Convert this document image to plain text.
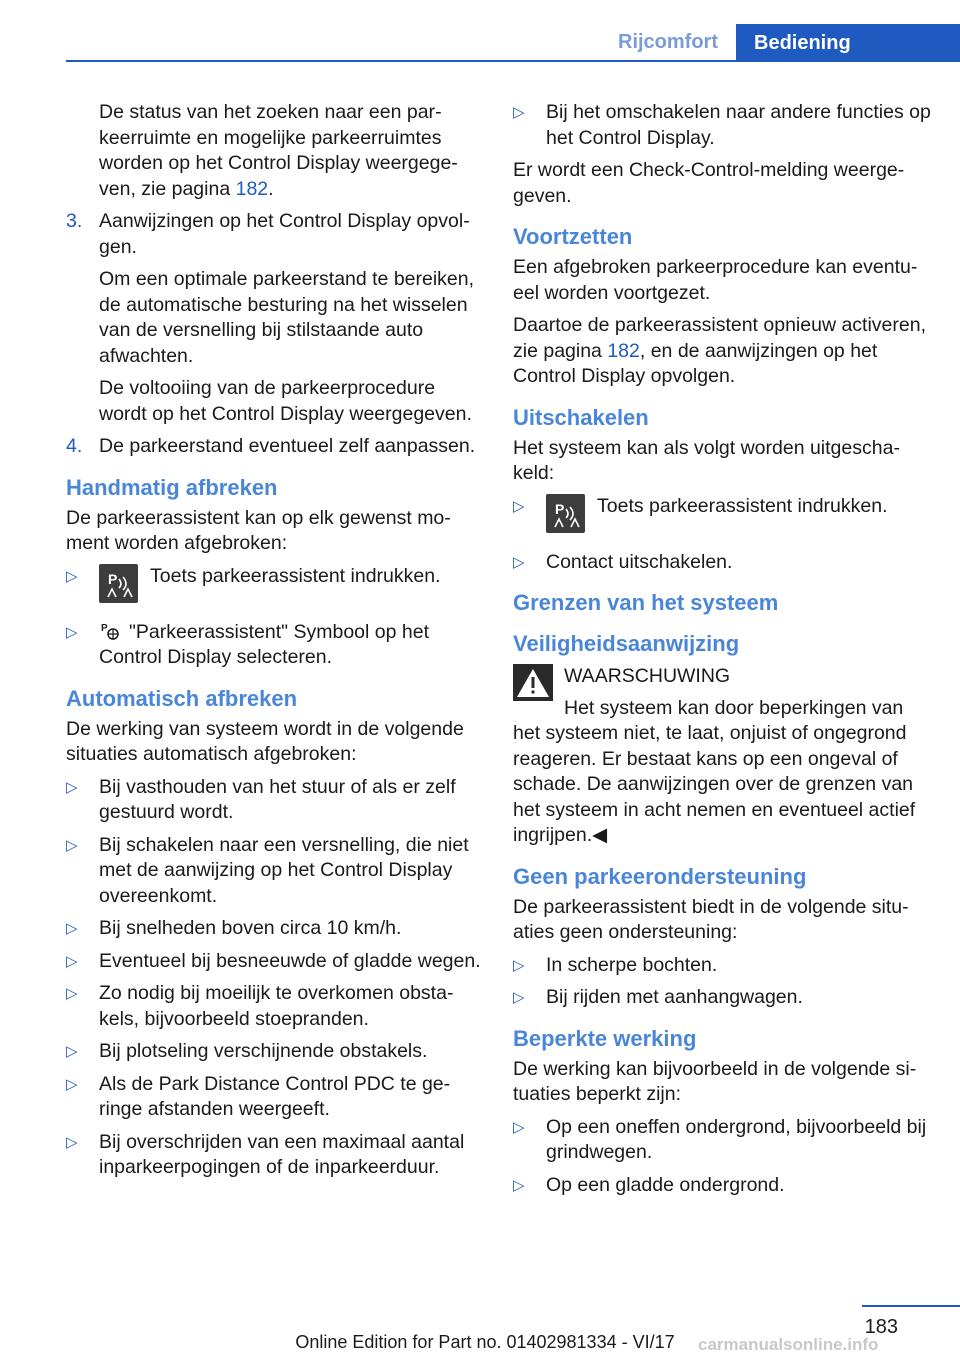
Rijcomfort	Bediening
De status van het zoeken naar een parkeerruimte en mogelijke parkeerruimtes worden op het Control Display weergegeven, zie pagina 182.
3. Aanwijzingen op het Control Display opvolgen.
Om een optimale parkeerstand te bereiken, de automatische besturing na het wisselen van de versnelling bij stilstaande auto afwachten.
De voltooiing van de parkeerprocedure wordt op het Control Display weergegeven.
4. De parkeerstand eventueel zelf aanpassen.
Handmatig afbreken

De parkeerassistent kan op elk gewenst moment worden afgebroken:

▷ P Toets parkeerassistent indrukken.
▷ P "Parkeerassistent" Symbool op het Control Display selecteren.
Automatisch afbreken

De werking van systeem wordt in de volgende situaties automatisch afgebroken:

▷ Bij vasthouden van het stuur of als er zelf gestuurd wordt.
▷ Bij schakelen naar een versnelling, die niet met de aanwijzing op het Control Display overeenkomt.
▷ Bij snelheden boven circa 10 km/h.
▷ Eventueel bij besneeuwde of gladde wegen.
▷ Zo nodig bij moeilijk te overkomen obstakels, bijvoorbeeld stoepranden.
▷ Bij plotseling verschijnende obstakels.
▷ Als de Park Distance Control PDC te geringe afstanden weergeeft.
▷ Bij overschrijden van een maximaal aantal inparkeerpogingen of de inparkeerduur.
▷ Bij het omschakelen naar andere functies op het Control Display.

Er wordt een Check-Control-melding weergegeven.

Voortzetten

Een afgebroken parkeerprocedure kan eventueel worden voortgezet.

Daartoe de parkeerassistent opnieuw activeren, zie pagina 182, en de aanwijzingen op het Control Display opvolgen.

Uitschakelen

Het systeem kan als volgt worden uitgeschakeld:

▷ P Toets parkeerassistent indrukken.
▷ Contact uitschakelen.
Grenzen van het systeem
Veiligheidsaanwijzing
WAARSCHUWING
Het systeem kan door beperkingen van
het systeem niet, te laat, onjuist of ongegrond reageren. Er bestaat kans op een ongeval of schade. De aanwijzingen over de grenzen van het systeem in acht nemen en eventueel actief ingrijpen.◀
Geen parkeerondersteuning

De parkeerassistent biedt in de volgende situaties geen ondersteuning:

▷ In scherpe bochten.
▷ Bij rijden met aanhangwagen.
Beperkte werking

De werking kan bijvoorbeeld in de volgende situaties beperkt zijn:

▷ Op een oneffen ondergrond, bijvoorbeeld bij grindwegen.
▷ Op een gladde ondergrond.
183
Online Edition for Part no. 01402981334 - VI/17	carmanualsonline.info
